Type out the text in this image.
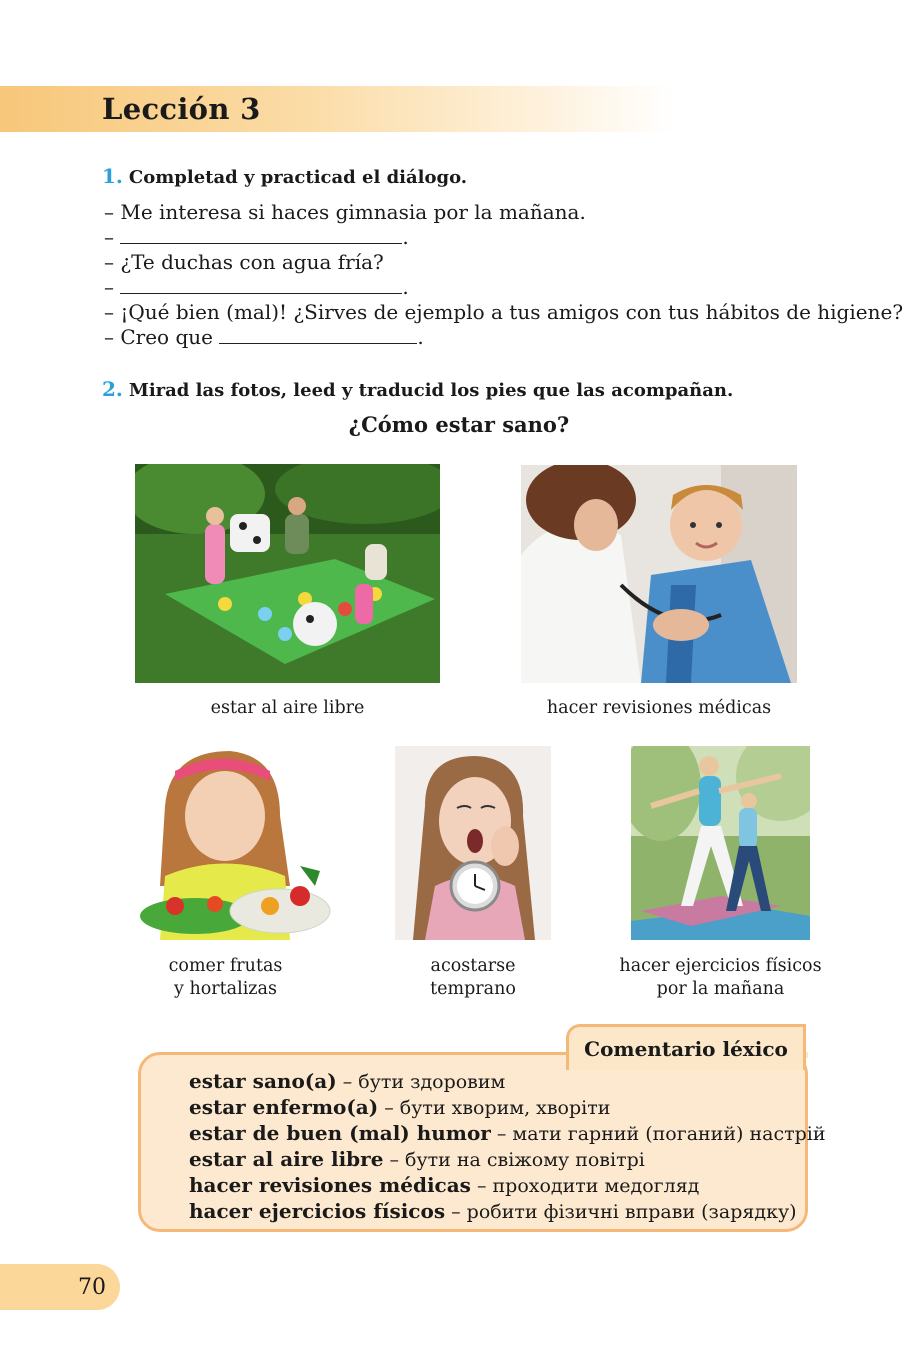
Lección 3
1. Completad y practicad el diálogo.
– Me interesa si haces gimnasia por la mañana.
–	.
– ¿Te duchas con agua fría?
–	.
– ¡Qué bien (mal)! ¿Sirves de ejemplo a tus amigos con tus hábitos de higiene?
– Creo que	.
2. Mirad las fotos, leed y traducid los pies que las acompañan.
¿Cómo estar sano?
estar al aire libre	hacer revisiones médicas
comer frutas
y hortalizas
acostarse
temprano
hacer ejercicios físicos
por la mañana
estar sano(a) – бути здоровим
estar enfermo(a) – бути хворим, хворіти
estar de buen (mal) humor – мати гарний (поганий) настрій
estar al aire libre – бути на свіжому повітрі
hacer revisiones médicas – проходити медогляд
hacer ejercicios físicos – робити фізичні вправи (зарядку)
Comentario léxico
70
